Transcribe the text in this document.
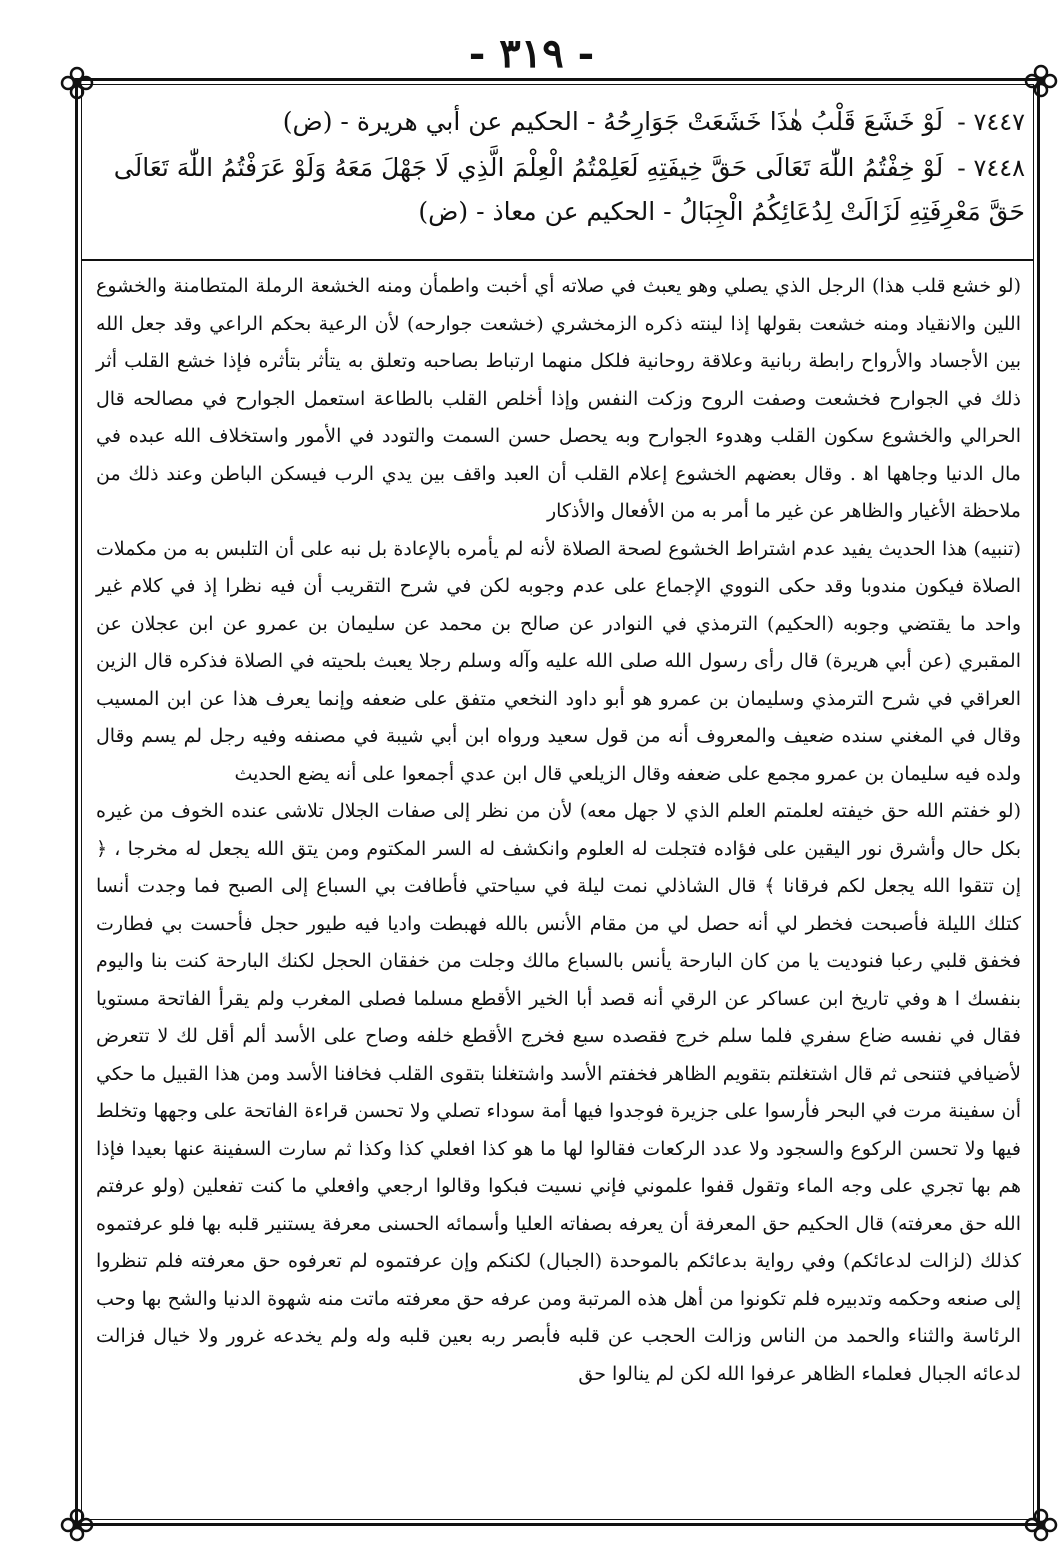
- ٣١٩ -
٧٤٤٧ - لَوْ خَشَعَ قَلْبُ هٰذَا خَشَعَتْ جَوَارِحُهُ - الحكيم عن أبي هريرة - (ض)
٧٤٤٨ - لَوْ خِفْتُمُ اللّٰهَ تَعَالَى حَقَّ خِيفَتِهِ لَعَلِمْتُمُ الْعِلْمَ الَّذِي لَا جَهْلَ مَعَهُ وَلَوْ عَرَفْتُمُ اللّٰهَ تَعَالَى حَقَّ مَعْرِفَتِهِ لَزَالَتْ لِدُعَائِكُمُ الْجِبَالُ - الحكيم عن معاذ - (ض)

(لو خشع قلب هذا) الرجل الذي يصلي وهو يعبث في صلاته أي أخبت واطمأن ومنه الخشعة الرملة المتطامنة والخشوع اللين والانقياد ومنه خشعت بقولها إذا لينته ذكره الزمخشري (خشعت جوارحه) لأن الرعية بحكم الراعي وقد جعل الله بين الأجساد والأرواح رابطة ربانية وعلاقة روحانية فلكل منهما ارتباط بصاحبه وتعلق به يتأثر بتأثره فإذا خشع القلب أثر ذلك في الجوارح فخشعت وصفت الروح وزكت النفس وإذا أخلص القلب بالطاعة استعمل الجوارح في مصالحه قال الحرالي والخشوع سكون القلب وهدوء الجوارح وبه يحصل حسن السمت والتودد في الأمور واستخلاف الله عبده في مال الدنيا وجاهها اه‍ . وقال بعضهم الخشوع إعلام القلب أن العبد واقف بين يدي الرب فيسكن الباطن وعند ذلك من ملاحظة الأغيار والظاهر عن غير ما أمر به من الأفعال والأذكار

(تنبيه) هذا الحديث يفيد عدم اشتراط الخشوع لصحة الصلاة لأنه لم يأمره بالإعادة بل نبه على أن التلبس به من مكملات الصلاة فيكون مندوبا وقد حكى النووي الإجماع على عدم وجوبه لكن في شرح التقريب أن فيه نظرا إذ في كلام غير واحد ما يقتضي وجوبه (الحكيم) الترمذي في النوادر عن صالح بن محمد عن سليمان بن عمرو عن ابن عجلان عن المقبري (عن أبي هريرة) قال رأى رسول الله صلى الله عليه وآله وسلم رجلا يعبث بلحيته في الصلاة فذكره قال الزين العراقي في شرح الترمذي وسليمان بن عمرو هو أبو داود النخعي متفق على ضعفه وإنما يعرف هذا عن ابن المسيب وقال في المغني سنده ضعيف والمعروف أنه من قول سعيد ورواه ابن أبي شيبة في مصنفه وفيه رجل لم يسم وقال ولده فيه سليمان بن عمرو مجمع على ضعفه وقال الزيلعي قال ابن عدي أجمعوا على أنه يضع الحديث

(لو خفتم الله حق خيفته لعلمتم العلم الذي لا جهل معه) لأن من نظر إلى صفات الجلال تلاشى عنده الخوف من غيره بكل حال وأشرق نور اليقين على فؤاده فتجلت له العلوم وانكشف له السر المكتوم ومن يتق الله يجعل له مخرجا ، ﴿ إن تتقوا الله يجعل لكم فرقانا ﴾ قال الشاذلي نمت ليلة في سياحتي فأطافت بي السباع إلى الصبح فما وجدت أنسا كتلك الليلة فأصبحت فخطر لي أنه حصل لي من مقام الأنس بالله فهبطت واديا فيه طيور حجل فأحست بي فطارت فخفق قلبي رعبا فنوديت يا من كان البارحة يأنس بالسباع مالك وجلت من خفقان الحجل لكنك البارحة كنت بنا واليوم بنفسك ا ه‍ وفي تاريخ ابن عساكر عن الرقي أنه قصد أبا الخير الأقطع مسلما فصلى المغرب ولم يقرأ الفاتحة مستويا فقال في نفسه ضاع سفري فلما سلم خرج فقصده سبع فخرج الأقطع خلفه وصاح على الأسد ألم أقل لك لا تتعرض لأضيافي فتنحى ثم قال اشتغلتم بتقويم الظاهر فخفتم الأسد واشتغلنا بتقوى القلب فخافنا الأسد ومن هذا القبيل ما حكي أن سفينة مرت في البحر فأرسوا على جزيرة فوجدوا فيها أمة سوداء تصلي ولا تحسن قراءة الفاتحة على وجهها وتخلط فيها ولا تحسن الركوع والسجود ولا عدد الركعات فقالوا لها ما هو كذا افعلي كذا وكذا ثم سارت السفينة عنها بعيدا فإذا هم بها تجري على وجه الماء وتقول قفوا علموني فإني نسيت فبكوا وقالوا ارجعي وافعلي ما كنت تفعلين (ولو عرفتم الله حق معرفته) قال الحكيم حق المعرفة أن يعرفه بصفاته العليا وأسمائه الحسنى معرفة يستنير قلبه بها فلو عرفتموه كذلك (لزالت لدعائكم) وفي رواية بدعائكم بالموحدة (الجبال) لكنكم وإن عرفتموه لم تعرفوه حق معرفته فلم تنظروا إلى صنعه وحكمه وتدبيره فلم تكونوا من أهل هذه المرتبة ومن عرفه حق معرفته ماتت منه شهوة الدنيا والشح بها وحب الرئاسة والثناء والحمد من الناس وزالت الحجب عن قلبه فأبصر ربه بعين قلبه وله ولم يخدعه غرور ولا خيال فزالت لدعائه الجبال فعلماء الظاهر عرفوا الله لكن لم ينالوا حق
